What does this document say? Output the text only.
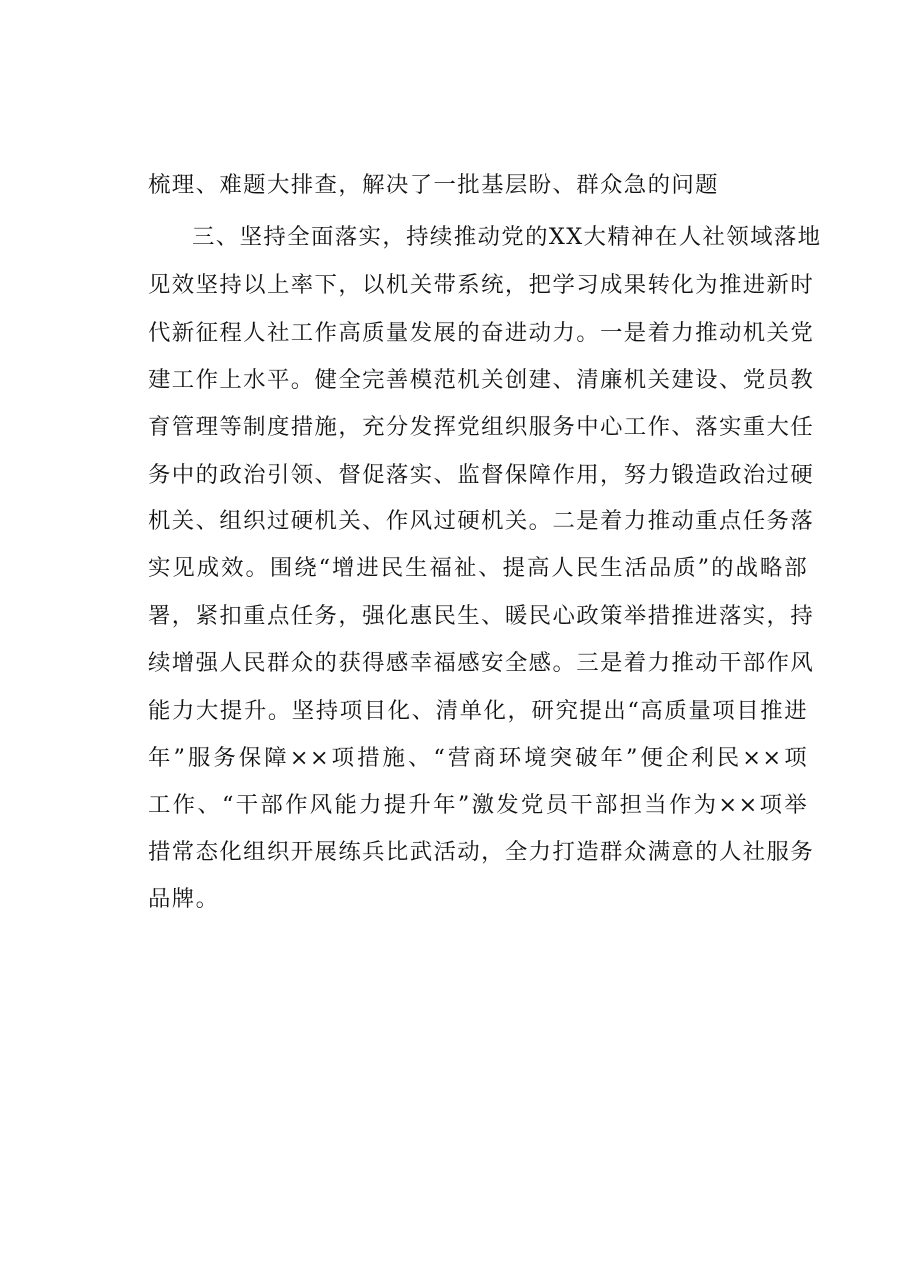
梳理、难题大排查，解决了一批基层盼、群众急的问题
三、坚持全面落实，持续推动党的XX大精神在人社领域落地
见效坚持以上率下，以机关带系统，把学习成果转化为推进新时
代新征程人社工作高质量发展的奋进动力。一是着力推动机关党
建工作上水平。健全完善模范机关创建、清廉机关建设、党员教
育管理等制度措施，充分发挥党组织服务中心工作、落实重大任
务中的政治引领、督促落实、监督保障作用，努力锻造政治过硬
机关、组织过硬机关、作风过硬机关。二是着力推动重点任务落
实见成效。围绕“增进民生福祉、提高人民生活品质”的战略部
署，紧扣重点任务，强化惠民生、暖民心政策举措推进落实，持
续增强人民群众的获得感幸福感安全感。三是着力推动干部作风
能力大提升。坚持项目化、清单化，研究提出“高质量项目推进
年”服务保障××项措施、“营商环境突破年”便企利民××项
工作、“干部作风能力提升年”激发党员干部担当作为××项举
措常态化组织开展练兵比武活动，全力打造群众满意的人社服务
品牌。
